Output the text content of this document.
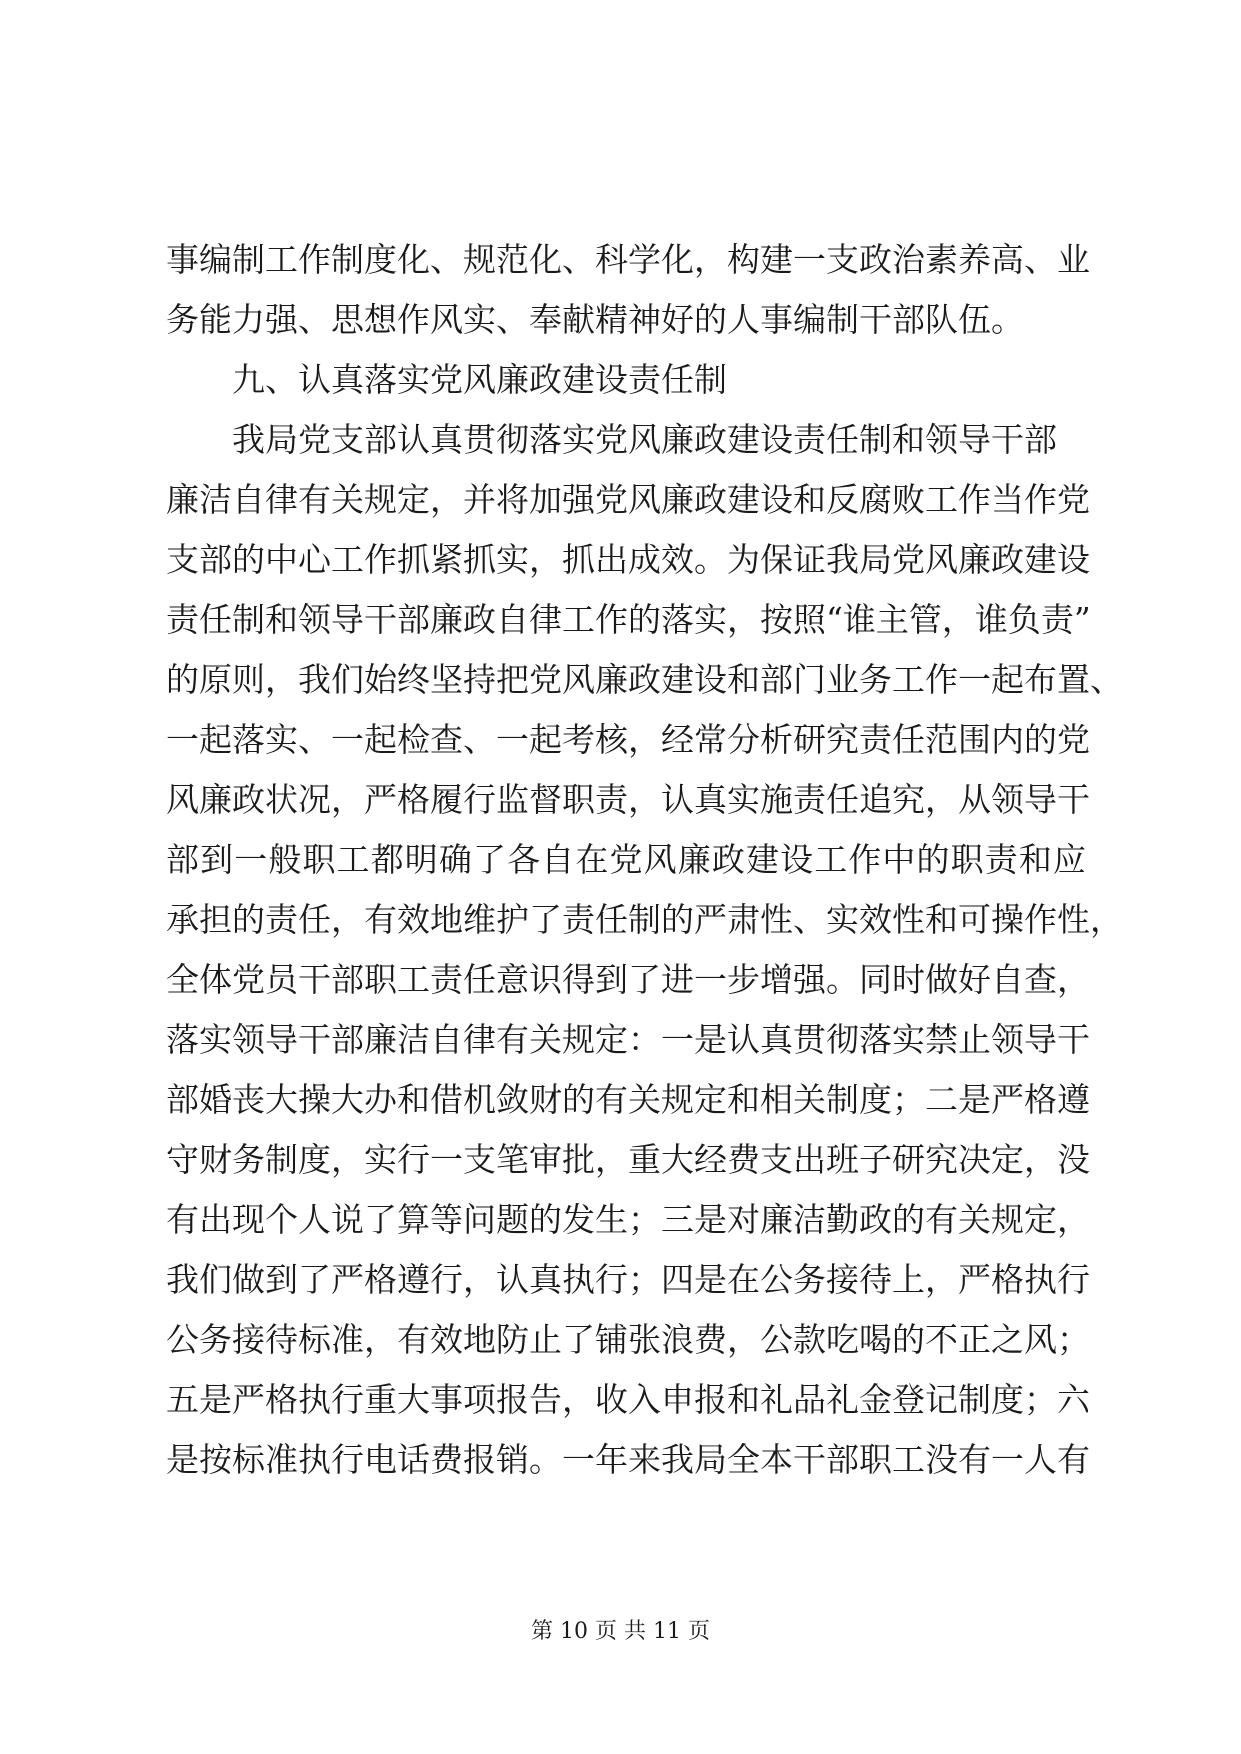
事编制工作制度化、规范化、科学化，构建一支政治素养高、业
务能力强、思想作风实、奉献精神好的人事编制干部队伍。
九、认真落实党风廉政建设责任制
我局党支部认真贯彻落实党风廉政建设责任制和领导干部
廉洁自律有关规定，并将加强党风廉政建设和反腐败工作当作党
支部的中心工作抓紧抓实，抓出成效。为保证我局党风廉政建设
责任制和领导干部廉政自律工作的落实，按照“谁主管，谁负责”
的原则，我们始终坚持把党风廉政建设和部门业务工作一起布置、
一起落实、一起检查、一起考核，经常分析研究责任范围内的党
风廉政状况，严格履行监督职责，认真实施责任追究，从领导干
部到一般职工都明确了各自在党风廉政建设工作中的职责和应
承担的责任，有效地维护了责任制的严肃性、实效性和可操作性，
全体党员干部职工责任意识得到了进一步增强。同时做好自查，
落实领导干部廉洁自律有关规定：一是认真贯彻落实禁止领导干
部婚丧大操大办和借机敛财的有关规定和相关制度；二是严格遵
守财务制度，实行一支笔审批，重大经费支出班子研究决定，没
有出现个人说了算等问题的发生；三是对廉洁勤政的有关规定，
我们做到了严格遵行，认真执行；四是在公务接待上，严格执行
公务接待标准，有效地防止了铺张浪费，公款吃喝的不正之风；
五是严格执行重大事项报告，收入申报和礼品礼金登记制度；六
是按标准执行电话费报销。一年来我局全本干部职工没有一人有
第 10 页 共 11 页
